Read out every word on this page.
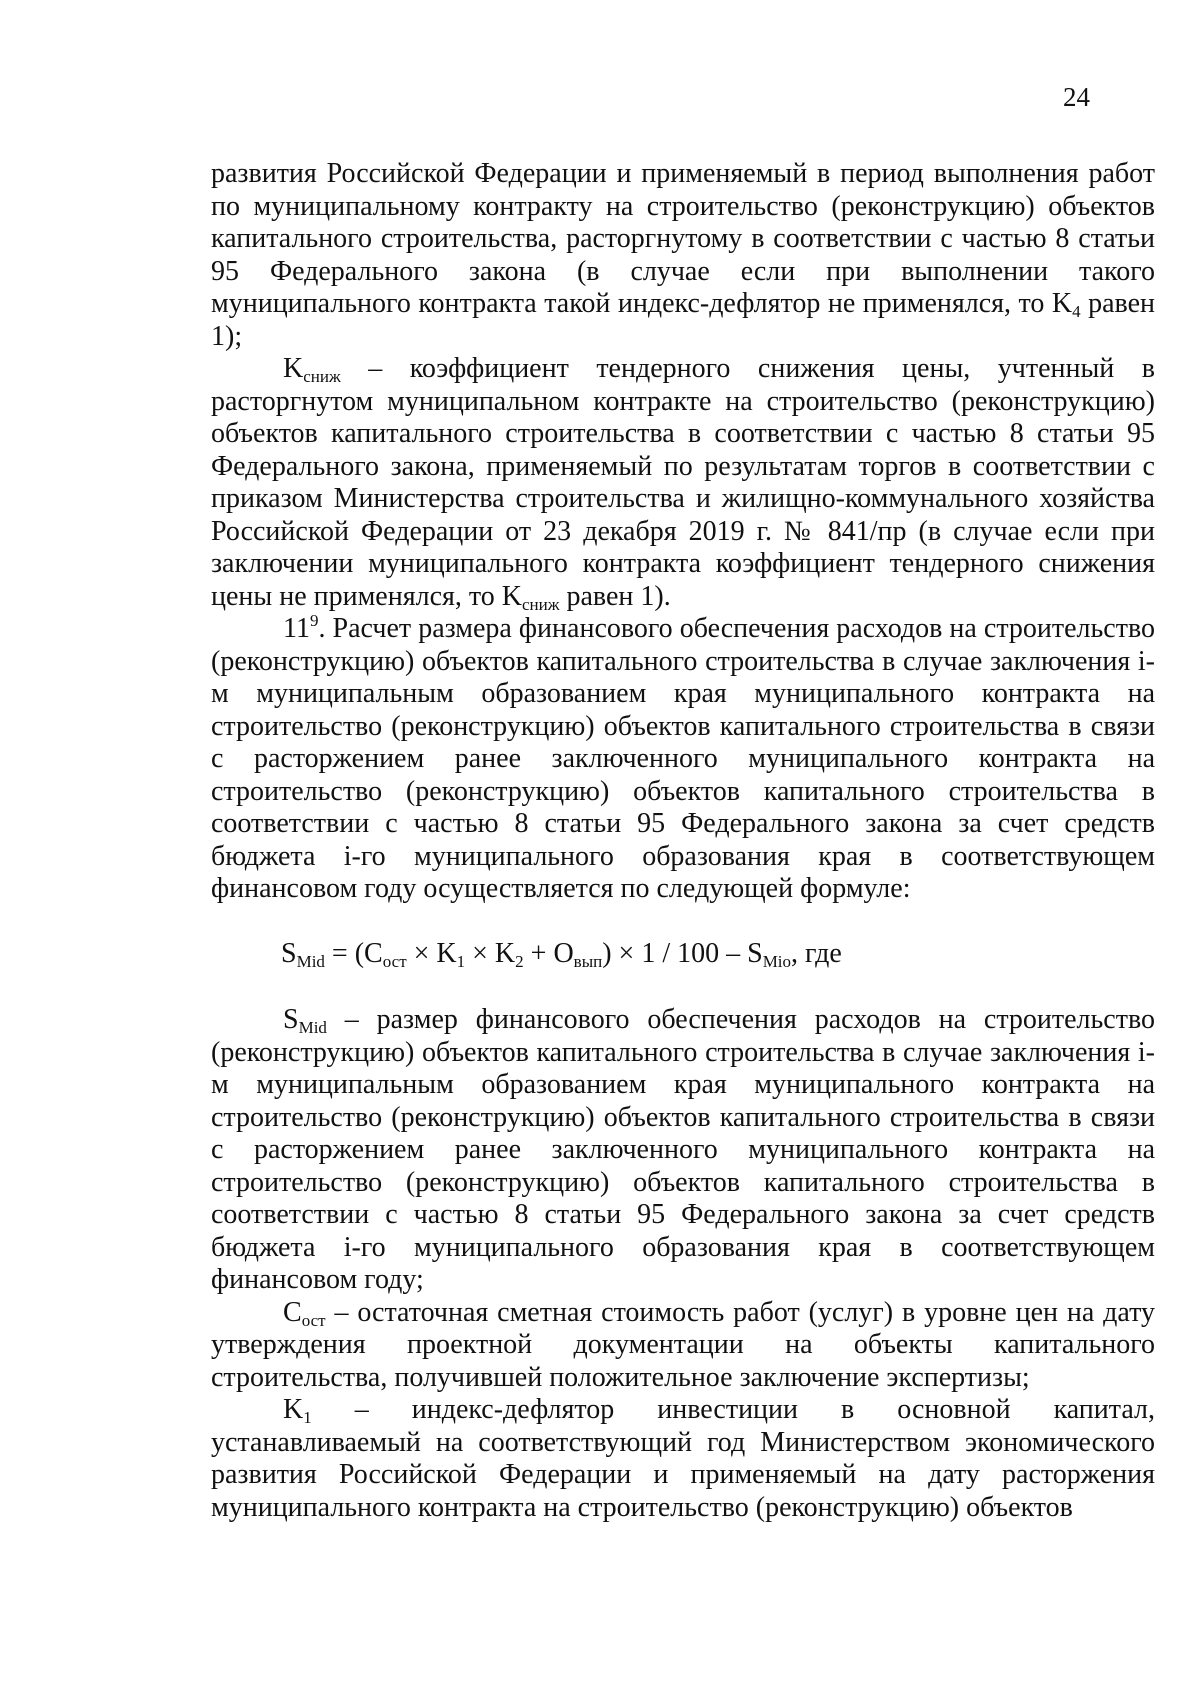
24

развития Российской Федерации и применяемый в период выполнения работ по муниципальному контракту на строительство (реконструкцию) объектов капитального строительства, расторгнутому в соответствии с частью 8 статьи 95 Федерального закона (в случае если при выполнении такого муниципального контракта такой индекс-дефлятор не применялся, то $K_4$ равен 1);

$K_{сниж}$ – коэффициент тендерного снижения цены, учтенный в расторгнутом муниципальном контракте на строительство (реконструкцию) объектов капитального строительства в соответствии с частью 8 статьи 95 Федерального закона, применяемый по результатам торгов в соответствии с приказом Министерства строительства и жилищно-коммунального хозяйства Российской Федерации от 23 декабря 2019 г. № 841/пр (в случае если при заключении муниципального контракта коэффициент тендерного снижения цены не применялся, то $K_{сниж}$ равен 1).

$11^9$. Расчет размера финансового обеспечения расходов на строительство (реконструкцию) объектов капитального строительства в случае заключения i-м муниципальным образованием края муниципального контракта на строительство (реконструкцию) объектов капитального строительства в связи с расторжением ранее заключенного муниципального контракта на строительство (реконструкцию) объектов капитального строительства в соответствии с частью 8 статьи 95 Федерального закона за счет средств бюджета i-го муниципального образования края в соответствующем финансовом году осуществляется по следующей формуле:

$S_{Mid} = (C_{ост} \times K_1 \times K_2 + O_{вып}) \times 1 / 100 - S_{Mio}$, где

$S_{Mid}$ – размер финансового обеспечения расходов на строительство (реконструкцию) объектов капитального строительства в случае заключения i-м муниципальным образованием края муниципального контракта на строительство (реконструкцию) объектов капитального строительства в связи с расторжением ранее заключенного муниципального контракта на строительство (реконструкцию) объектов капитального строительства в соответствии с частью 8 статьи 95 Федерального закона за счет средств бюджета i-го муниципального образования края в соответствующем финансовом году;

$C_{ост}$ – остаточная сметная стоимость работ (услуг) в уровне цен на дату утверждения проектной документации на объекты капитального строительства, получившей положительное заключение экспертизы;

$K_1$ – индекс-дефлятор инвестиции в основной капитал, устанавливаемый на соответствующий год Министерством экономического развития Российской Федерации и применяемый на дату расторжения муниципального контракта на строительство (реконструкцию) объектов
